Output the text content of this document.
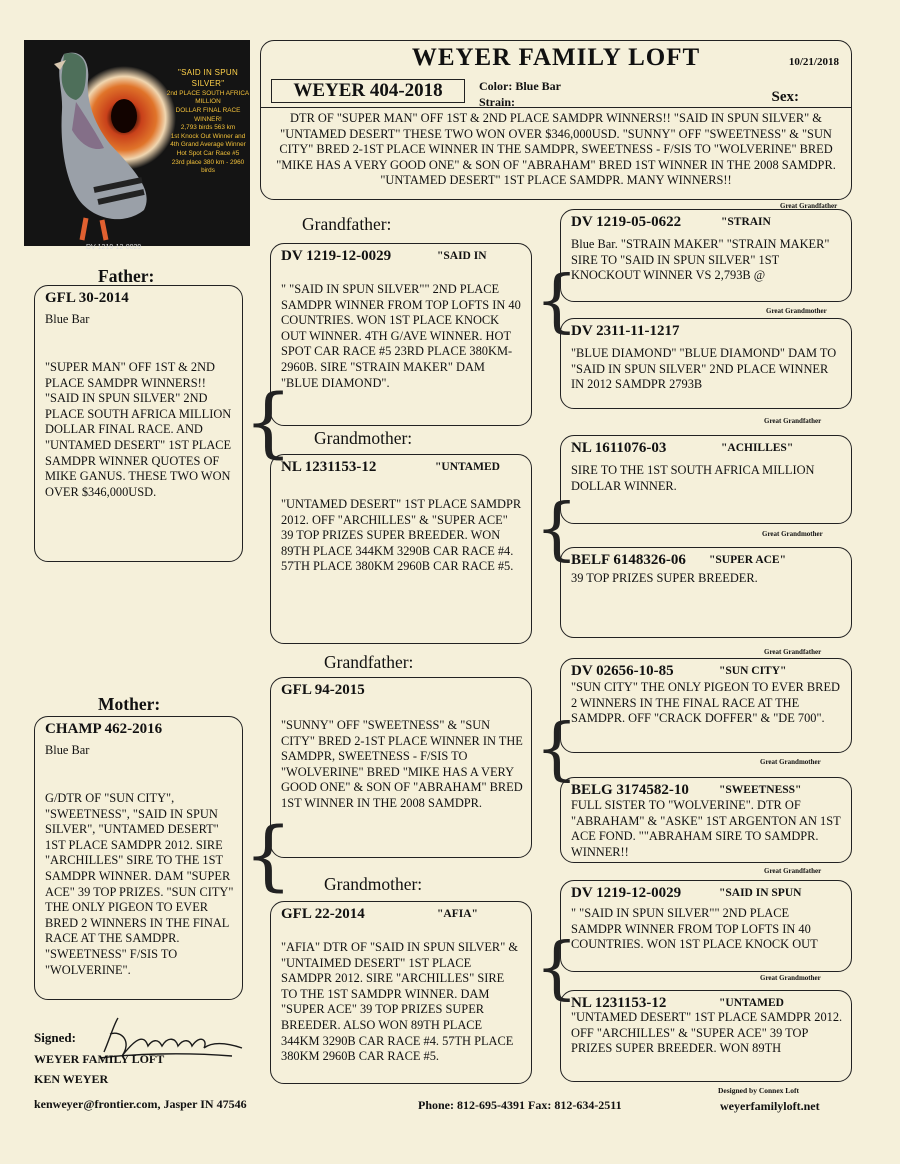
"SAID IN SPUN SILVER"
2nd PLACE SOUTH AFRICA MILLION
DOLLAR FINAL RACE WINNER!
2,793 birds 563 km
1st Knock Out Winner and
4th Grand Average Winner
Hot Spot Car Race #5
23rd place 380 km - 2960 birds
DV 1219-12-0029
WEYER FAMILY LOFT	10/21/2018
WEYER 404-2018	Color: Blue Bar
Strain:	Sex:
DTR OF "SUPER MAN" OFF 1ST & 2ND PLACE SAMDPR WINNERS!! "SAID IN SPUN SILVER" & "UNTAMED DESERT" THESE TWO WON OVER $346,000USD. "SUNNY" OFF "SWEETNESS" & "SUN CITY" BRED 2-1ST PLACE WINNER IN THE SAMDPR, SWEETNESS - F/SIS TO "WOLVERINE" BRED "MIKE HAS A VERY GOOD ONE" & SON OF "ABRAHAM" BRED 1ST WINNER IN THE 2008 SAMDPR. "UNTAMED DESERT" 1ST PLACE SAMDPR. MANY WINNERS!!
Father:
Mother:
Grandfather:
Grandmother:
Grandfather:
Grandmother:
Great Grandfather
Great Grandmother
Great Grandfather
Great Grandmother
Great Grandfather
Great Grandmother
Great Grandfather
Great Grandmother
GFL 30-2014
Blue Bar
"SUPER MAN" OFF 1ST & 2ND PLACE SAMDPR WINNERS!! "SAID IN SPUN SILVER" 2ND PLACE SOUTH AFRICA MILLION DOLLAR FINAL RACE. AND "UNTAMED DESERT" 1ST PLACE SAMDPR WINNER QUOTES OF MIKE GANUS. THESE TWO WON OVER $346,000USD.
CHAMP 462-2016
Blue Bar
G/DTR OF "SUN CITY", "SWEETNESS", "SAID IN SPUN SILVER", "UNTAMED DESERT" 1ST PLACE SAMDPR 2012. SIRE "ARCHILLES" SIRE TO THE 1ST SAMDPR WINNER. DAM "SUPER ACE" 39 TOP PRIZES. "SUN CITY" THE ONLY PIGEON TO EVER BRED 2 WINNERS IN THE FINAL RACE AT THE SAMDPR. "SWEETNESS" F/SIS TO "WOLVERINE".
DV 1219-12-0029	"SAID IN
" "SAID IN SPUN SILVER"" 2ND PLACE SAMDPR WINNER FROM TOP LOFTS IN 40 COUNTRIES. WON 1ST PLACE KNOCK OUT WINNER. 4TH G/AVE WINNER. HOT SPOT CAR RACE #5 23RD PLACE 380KM-2960B. SIRE "STRAIN MAKER" DAM "BLUE DIAMOND".
NL 1231153-12	"UNTAMED
"UNTAMED DESERT" 1ST PLACE SAMDPR 2012. OFF "ARCHILLES" & "SUPER ACE" 39 TOP PRIZES SUPER BREEDER. WON 89TH PLACE 344KM 3290B CAR RACE #4. 57TH PLACE 380KM 2960B CAR RACE #5.
GFL 94-2015
"SUNNY" OFF "SWEETNESS" & "SUN CITY" BRED 2-1ST PLACE WINNER IN THE SAMDPR, SWEETNESS - F/SIS TO "WOLVERINE" BRED "MIKE HAS A VERY GOOD ONE" & SON OF "ABRAHAM" BRED 1ST WINNER IN THE 2008 SAMDPR.
GFL 22-2014	"AFIA"
"AFIA" DTR OF "SAID IN SPUN SILVER" & "UNTAIMED DESERT" 1ST PLACE SAMDPR 2012. SIRE "ARCHILLES" SIRE TO THE 1ST SAMDPR WINNER. DAM "SUPER ACE" 39 TOP PRIZES SUPER BREEDER. ALSO WON 89TH PLACE 344KM 3290B CAR RACE #4. 57TH PLACE 380KM 2960B CAR RACE #5.
DV 1219-05-0622	"STRAIN
Blue Bar. "STRAIN MAKER" "STRAIN MAKER" SIRE TO "SAID IN SPUN SILVER" 1ST KNOCKOUT WINNER VS 2,793B @
DV 2311-11-1217
"BLUE DIAMOND" "BLUE DIAMOND" DAM TO "SAID IN SPUN SILVER" 2ND PLACE WINNER IN 2012 SAMDPR 2793B
NL 1611076-03	"ACHILLES"
SIRE TO THE 1ST SOUTH AFRICA MILLION DOLLAR WINNER.
BELF 6148326-06 "SUPER ACE"
39 TOP PRIZES SUPER BREEDER.
DV 02656-10-85	"SUN CITY"
"SUN CITY" THE ONLY PIGEON TO EVER BRED 2 WINNERS IN THE FINAL RACE AT THE SAMDPR. OFF "CRACK DOFFER" & "DE 700".
BELG 3174582-10	"SWEETNESS"
FULL SISTER TO "WOLVERINE". DTR OF "ABRAHAM" & "ASKE" 1ST ARGENTON AN 1ST ACE FOND. ""ABRAHAM SIRE TO SAMDPR. WINNER!!
DV 1219-12-0029	"SAID IN SPUN
" "SAID IN SPUN SILVER"" 2ND PLACE SAMDPR WINNER FROM TOP LOFTS IN 40 COUNTRIES. WON 1ST PLACE KNOCK OUT
NL 1231153-12	"UNTAMED
"UNTAMED DESERT" 1ST PLACE SAMDPR 2012. OFF "ARCHILLES" & "SUPER ACE" 39 TOP PRIZES SUPER BREEDER. WON 89TH
{
{
{
{
{
{
Signed:
WEYER FAMILY LOFT
KEN WEYER
Designed by Connex Loft
kenweyer@frontier.com, Jasper IN 47546	Phone: 812-695-4391 Fax: 812-634-2511	weyerfamilyloft.net
